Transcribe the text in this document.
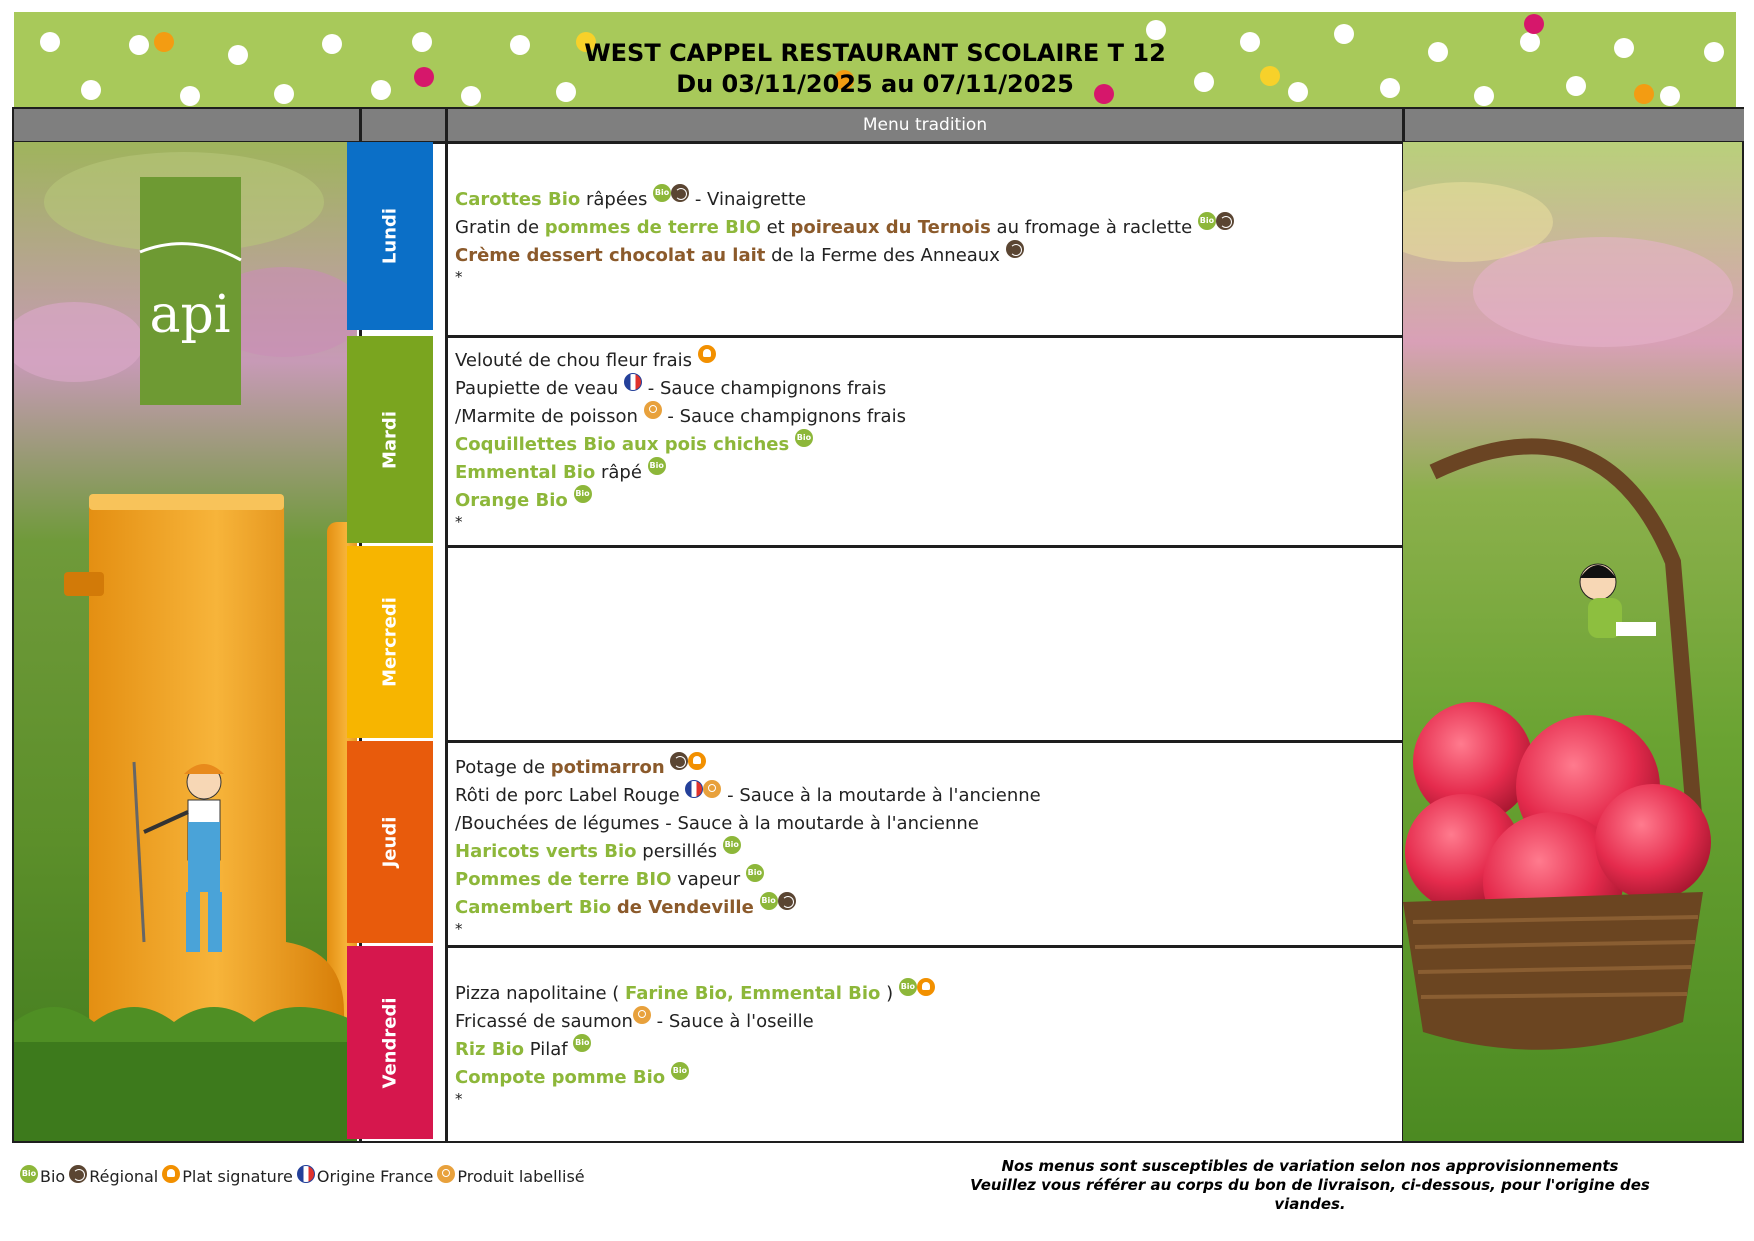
WEST CAPPEL RESTAURANT SCOLAIRE T 12
Du 03/11/2025 au 07/11/2025
Menu tradition
api
Lundi
Mardi
Mercredi
Jeudi
Vendredi
Carottes Bio râpées Bio - Vinaigrette
Gratin de pommes de terre BIO et poireaux du Ternois au fromage à raclette Bio
Crème dessert chocolat au lait de la Ferme des Anneaux
*
Velouté de chou fleur frais
Paupiette de veau  - Sauce champignons frais
/Marmite de poisson  - Sauce champignons frais
Coquillettes Bio aux pois chiches Bio
Emmental Bio râpé Bio
Orange Bio Bio
*
Potage de potimarron
Rôti de porc Label Rouge  - Sauce à la moutarde à l'ancienne
/Bouchées de légumes - Sauce à la moutarde à l'ancienne
Haricots verts Bio persillés Bio
Pommes de terre BIO vapeur Bio
Camembert Bio de Vendeville Bio
*
Pizza napolitaine ( Farine Bio, Emmental Bio ) Bio
Fricassé de saumon - Sauce à l'oseille
Riz Bio Pilaf Bio
Compote pomme Bio Bio
*
Bio Bio Régional Plat signature Origine France Produit labellisé
Nos menus sont susceptibles de variation selon nos approvisionnements
Veuillez vous référer au corps du bon de livraison, ci-dessous, pour l'origine des viandes.
